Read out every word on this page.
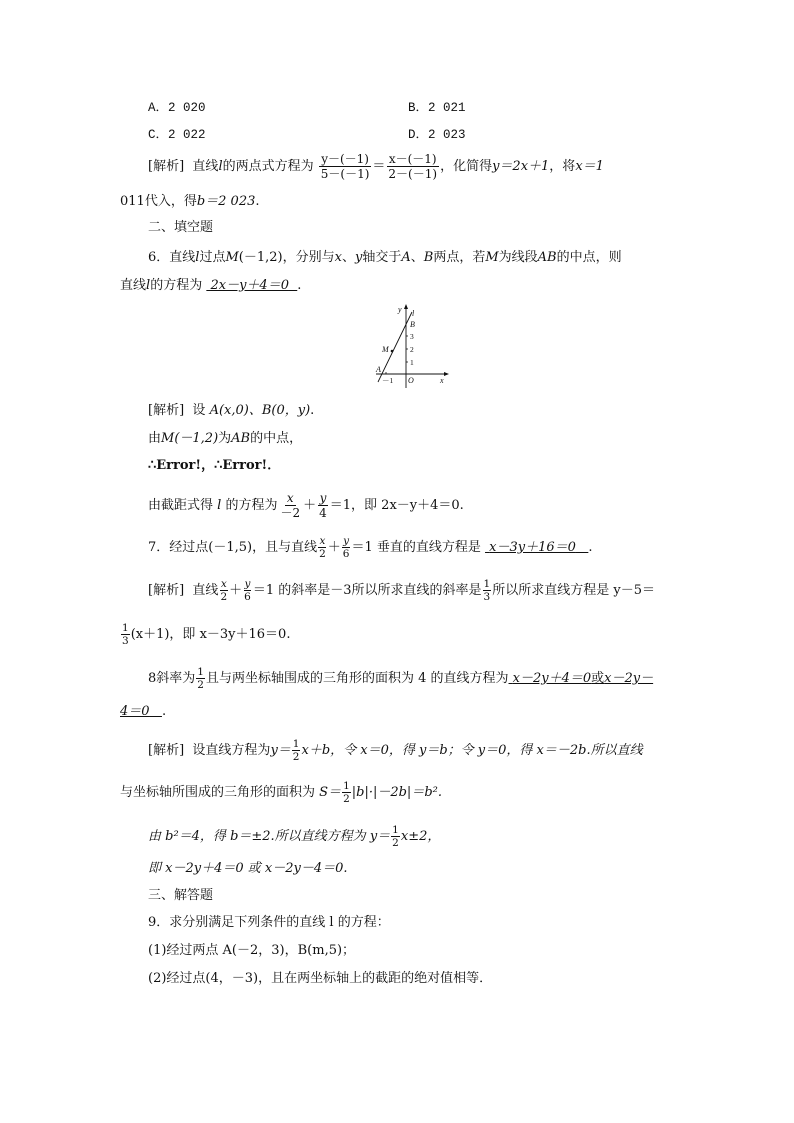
A．2 020	B．2 021
C．2 022	D．2 023
[解析] 直线l的两点式方程为 $\frac{y-(-1)}{5-(-1)} = \frac{x-(-1)}{2-(-1)}$ ，化简得y＝2x＋1，将x＝1
011代入，得b＝2 023.
二、填空题
6．直线l过点M(－1,2)，分别与x、y轴交于A、B两点，若M为线段AB的中点，则
直线l的方程为 2x－y＋4＝0 .
y l
B
M
A
O	x
3
2
1
－1
[解析] 设 A(x,0)、B(0，y).
由M(－1,2)为AB的中点，
∴Error!，∴Error!．
由截距式得 l 的方程为 $\frac{x}{-2} + \frac{y}{4} =1$，即 2x－y＋4＝0.
7．经过点(－1,5)，且与直线 $\frac{x}{2} + \frac{y}{6} =1$ 垂直的直线方程是 x－3y＋16＝0 .
[解析] 直线 $\frac{x}{2} + \frac{y}{6} =1$ 的斜率是－3所以所求直线的斜率是 $\frac{1}{3}$ 所以所求直线方程是 y－5＝
$\frac{1}{3} (x+1)$，即 x－3y＋16＝0.
8斜率为 $\frac{1}{2}$ 且与两坐标轴围成的三角形的面积为 4 的直线方程为 x－2y＋4＝0或x－2y－
4＝0 .
[解析] 设直线方程为$y= \frac{1}{2} x+b$，令 x＝0，得 y＝b；令 y＝0，得 x＝－2b.所以直线
与坐标轴所围成的三角形的面积为 $S= \frac{1}{2} |b|\cdot|-2b|=b^2$.
由 b²＝4，得 b＝±2.所以直线方程为 $y= \frac{1}{2} x\pm 2$，
即 x－2y＋4＝0 或 x－2y－4＝0.
三、解答题
9．求分别满足下列条件的直线 l 的方程：
(1)经过两点 A(－2，3)，B(m,5)；
(2)经过点(4，－3)，且在两坐标轴上的截距的绝对值相等．
